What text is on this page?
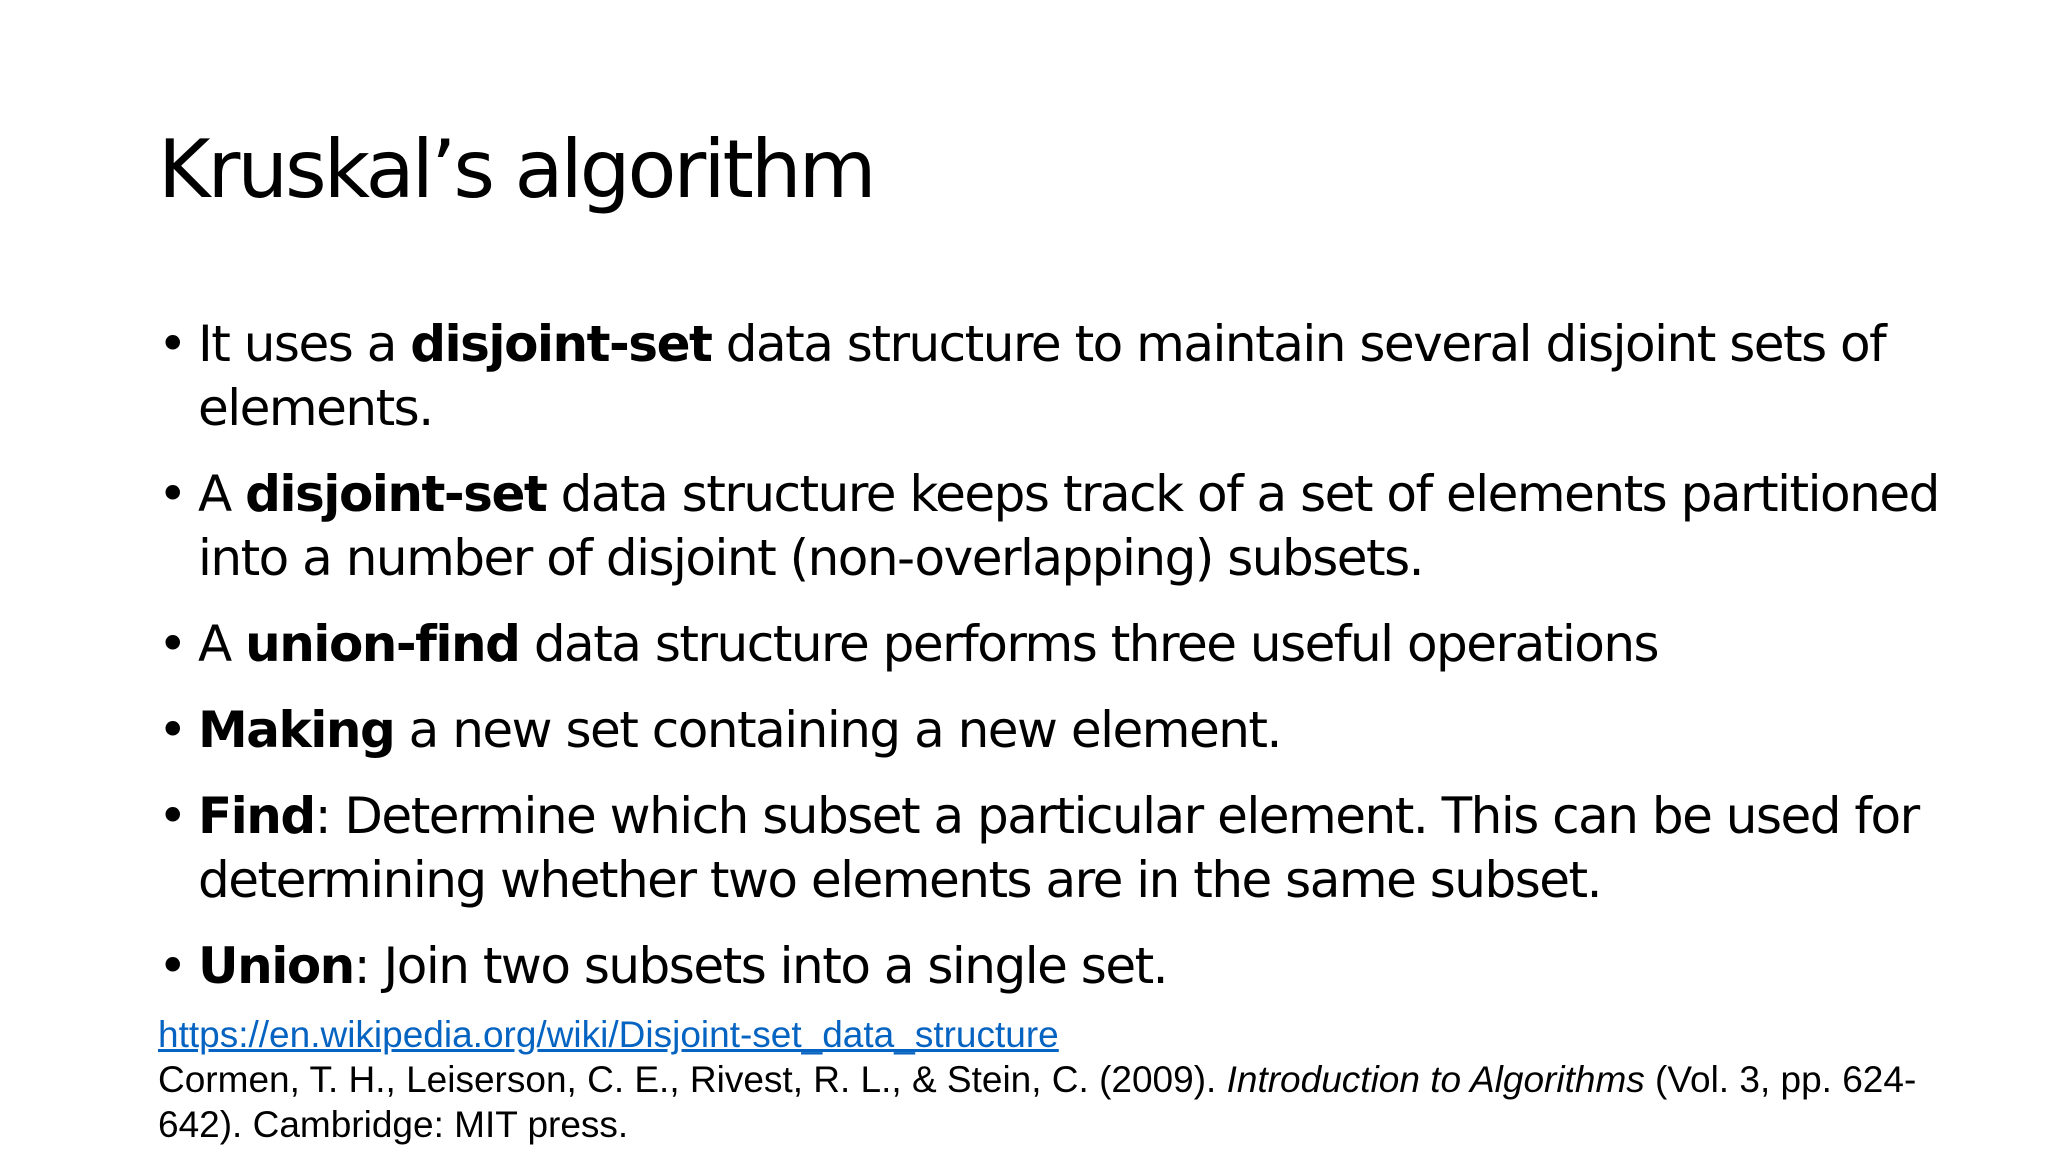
Kruskal’s algorithm
• It uses a disjoint-set data structure to maintain several disjoint sets of elements.
• A disjoint-set data structure keeps track of a set of elements partitioned into a number of disjoint (non-overlapping) subsets.
• A union-find data structure performs three useful operations
• Making a new set containing a new element.
• Find: Determine which subset a particular element. This can be used for determining whether two elements are in the same subset.
• Union: Join two subsets into a single set.
https://en.wikipedia.org/wiki/Disjoint-set_data_structure
Cormen, T. H., Leiserson, C. E., Rivest, R. L., & Stein, C. (2009). Introduction to Algorithms (Vol. 3, pp. 624-642). Cambridge: MIT press.
